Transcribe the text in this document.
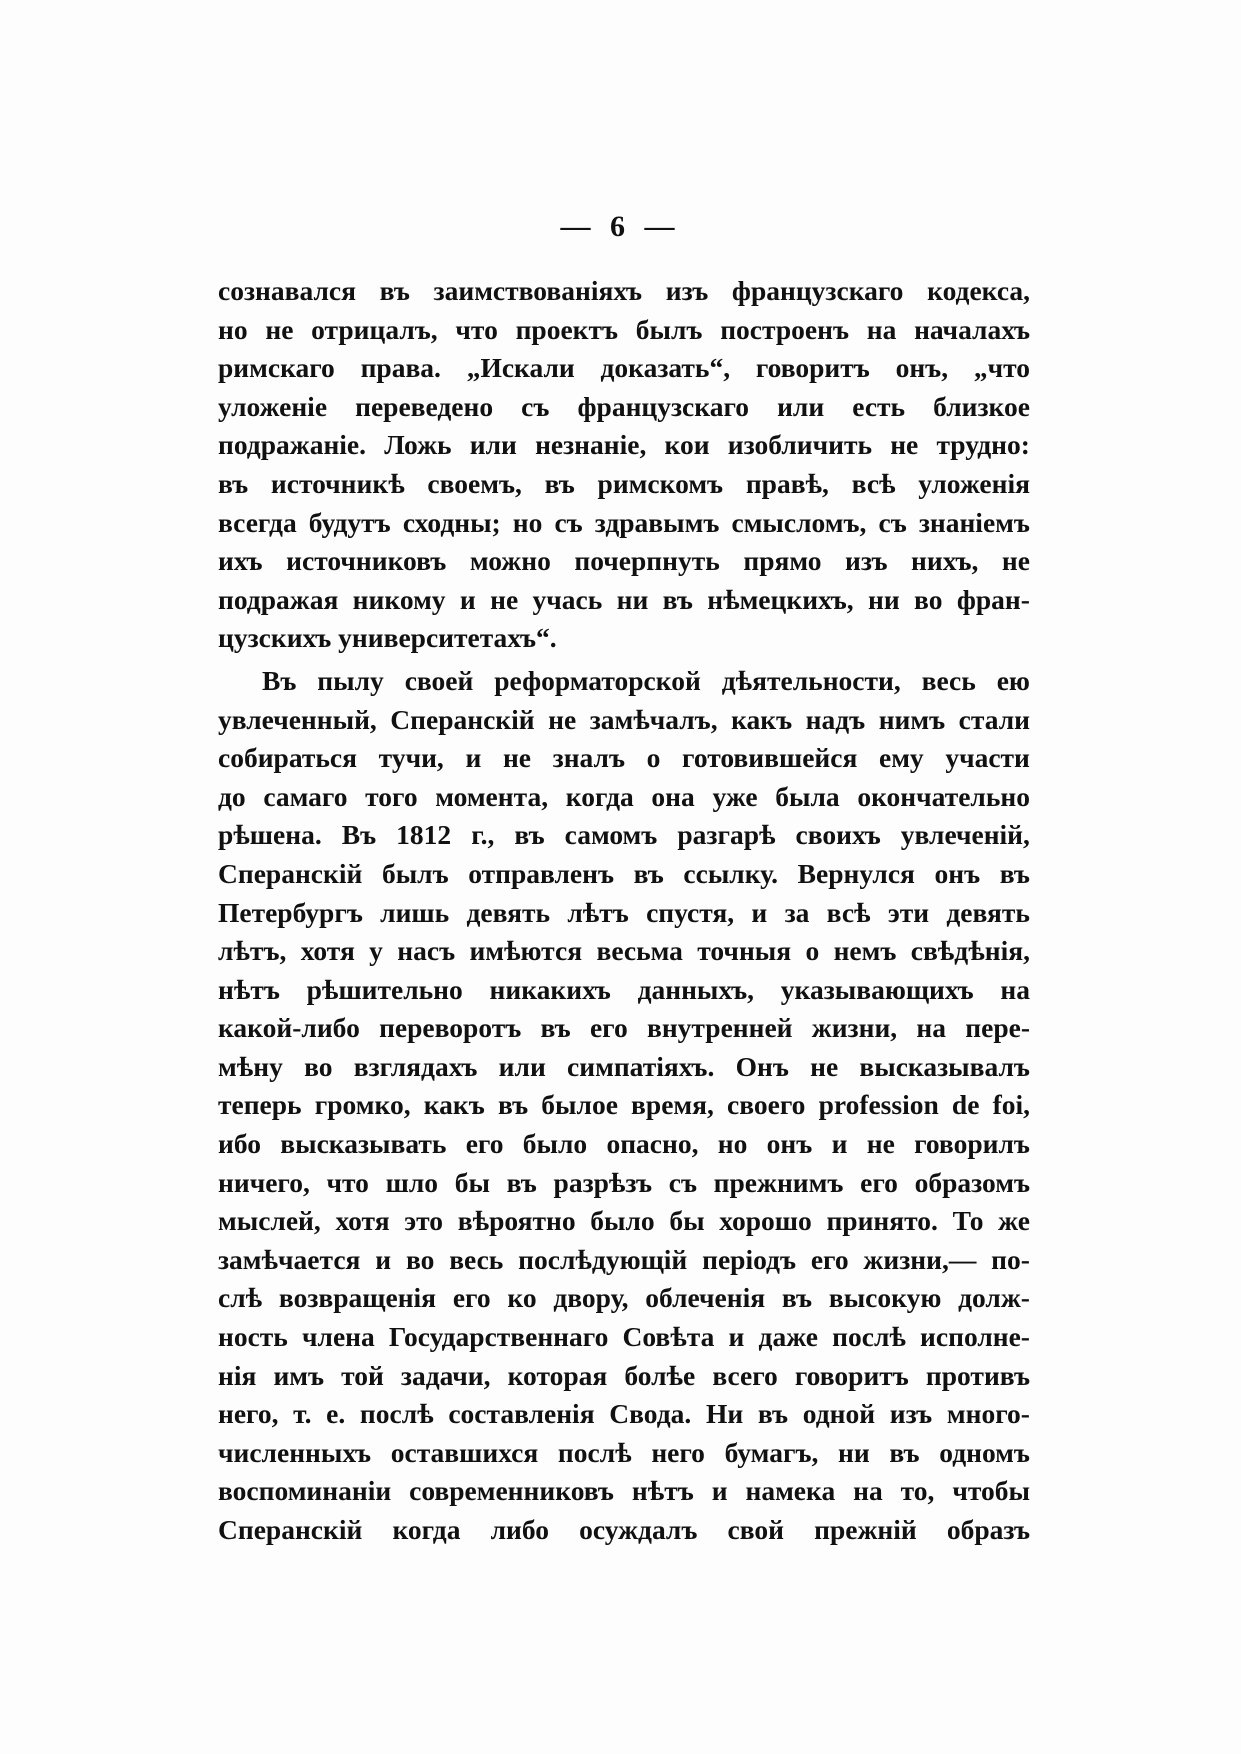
— 6 —
сознавался въ заимствованіяхъ изъ французскаго кодекса,
но не отрицалъ, что проектъ былъ построенъ на началахъ
римскаго права. „Искали доказать“, говоритъ онъ, „что
уложеніе переведено съ французскаго или есть близкое
подражаніе. Ложь или незнаніе, кои изобличить не трудно:
въ источникѣ своемъ, въ римскомъ правѣ, всѣ уложенія
всегда будутъ сходны; но съ здравымъ смысломъ, съ знаніемъ
ихъ источниковъ можно почерпнуть прямо изъ нихъ, не
подражая никому и не учась ни въ нѣмецкихъ, ни во фран-
цузскихъ
университетахъ“.

Въ пылу своей реформаторской дѣятельности, весь ею
увлеченный, Сперанскій не замѣчалъ, какъ надъ нимъ стали
собираться тучи, и не зналъ о готовившейся ему участи
до самаго того момента, когда она уже была окончательно
рѣшена. Въ 1812 г., въ самомъ разгарѣ своихъ увлеченій,
Сперанскій былъ отправленъ въ ссылку. Вернулся онъ въ
Петербургъ лишь девять лѣтъ спустя, и за всѣ эти девять
лѣтъ, хотя у насъ имѣются весьма точныя о немъ свѣдѣнія,
нѣтъ рѣшительно никакихъ данныхъ, указывающихъ на
какой-либо переворотъ въ его внутренней жизни, на пере-
мѣну во взглядахъ или симпатіяхъ. Онъ не высказывалъ
теперь громко, какъ въ былое время, своего profession de foi,
ибо высказывать его было опасно, но онъ и не говорилъ
ничего, что шло бы въ разрѣзъ съ прежнимъ его образомъ
мыслей, хотя это вѣроятно было бы хорошо принято. То же
замѣчается и во весь послѣдующій періодъ его жизни,— по-
слѣ возвращенія его ко двору, облеченія въ высокую долж-
ность члена Государственнаго Совѣта и даже послѣ исполне-
нія имъ той задачи, которая болѣе всего говоритъ противъ
него, т. е. послѣ составленія Свода. Ни въ одной изъ много-
численныхъ оставшихся послѣ него бумагъ, ни въ одномъ
воспоминаніи современниковъ нѣтъ и намека на то, чтобы
Сперанскій когда либо осуждалъ свой прежній образъ
